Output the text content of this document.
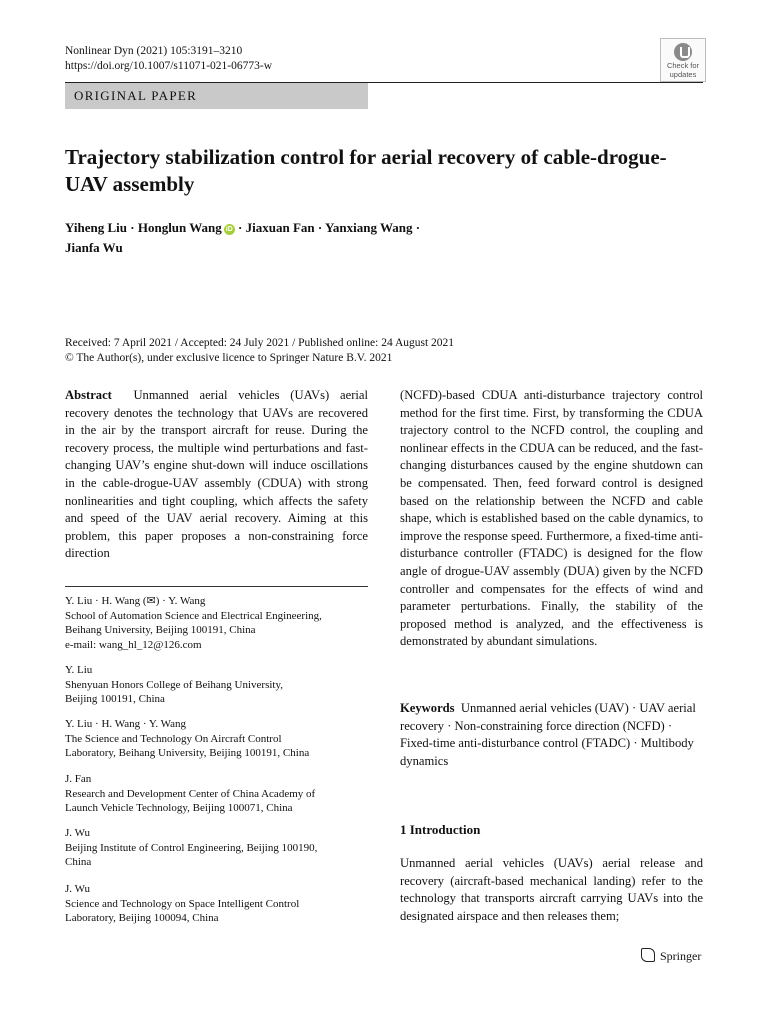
Nonlinear Dyn (2021) 105:3191–3210
https://doi.org/10.1007/s11071-021-06773-w	Check for
updates
ORIGINAL PAPER
Trajectory stabilization control for aerial recovery of cable-drogue-UAV assembly
Yiheng Liu · Honglun Wang iD · Jiaxuan Fan · Yanxiang Wang ·
Jianfa Wu
Received: 7 April 2021 / Accepted: 24 July 2021 / Published online: 24 August 2021
© The Author(s), under exclusive licence to Springer Nature B.V. 2021
Abstract Unmanned aerial vehicles (UAVs) aerial recovery denotes the technology that UAVs are recovered in the air by the transport aircraft for reuse. During the recovery process, the multiple wind perturbations and fast-changing UAV’s engine shut-down will induce oscillations in the cable-drogue-UAV assembly (CDUA) with strong nonlinearities and tight coupling, which affects the safety and speed of the UAV aerial recovery. Aiming at this problem, this paper proposes a non-constraining force direction
(NCFD)-based CDUA anti-disturbance trajectory control method for the first time. First, by transforming the CDUA trajectory control to the NCFD control, the coupling and nonlinear effects in the CDUA can be reduced, and the fast-changing disturbances caused by the engine shutdown can be compensated. Then, feed forward control is designed based on the relationship between the NCFD and cable shape, which is established based on the cable dynamics, to improve the response speed. Furthermore, a fixed-time anti-disturbance controller (FTADC) is designed for the flow angle of drogue-UAV assembly (DUA) given by the NCFD controller and compensates for the effects of wind and parameter perturbations. Finally, the stability of the proposed method is analyzed, and the effectiveness is demonstrated by abundant simulations.
Y. Liu · H. Wang (✉) · Y. Wang
School of Automation Science and Electrical Engineering,
Beihang University, Beijing 100191, China
e-mail: wang_hl_12@126.com
Y. Liu
Shenyuan Honors College of Beihang University,
Beijing 100191, China
Y. Liu · H. Wang · Y. Wang
The Science and Technology On Aircraft Control
Laboratory, Beihang University, Beijing 100191, China
J. Fan
Research and Development Center of China Academy of
Launch Vehicle Technology, Beijing 100071, China
J. Wu
Beijing Institute of Control Engineering, Beijing 100190,
China
J. Wu
Science and Technology on Space Intelligent Control
Laboratory, Beijing 100094, China
Keywords Unmanned aerial vehicles (UAV) · UAV aerial recovery · Non-constraining force direction (NCFD) · Fixed-time anti-disturbance control (FTADC) · Multibody dynamics
1 Introduction
Unmanned aerial vehicles (UAVs) aerial release and recovery (aircraft-based mechanical landing) refer to the technology that transports aircraft carrying UAVs into the designated airspace and then releases them;
Springer
